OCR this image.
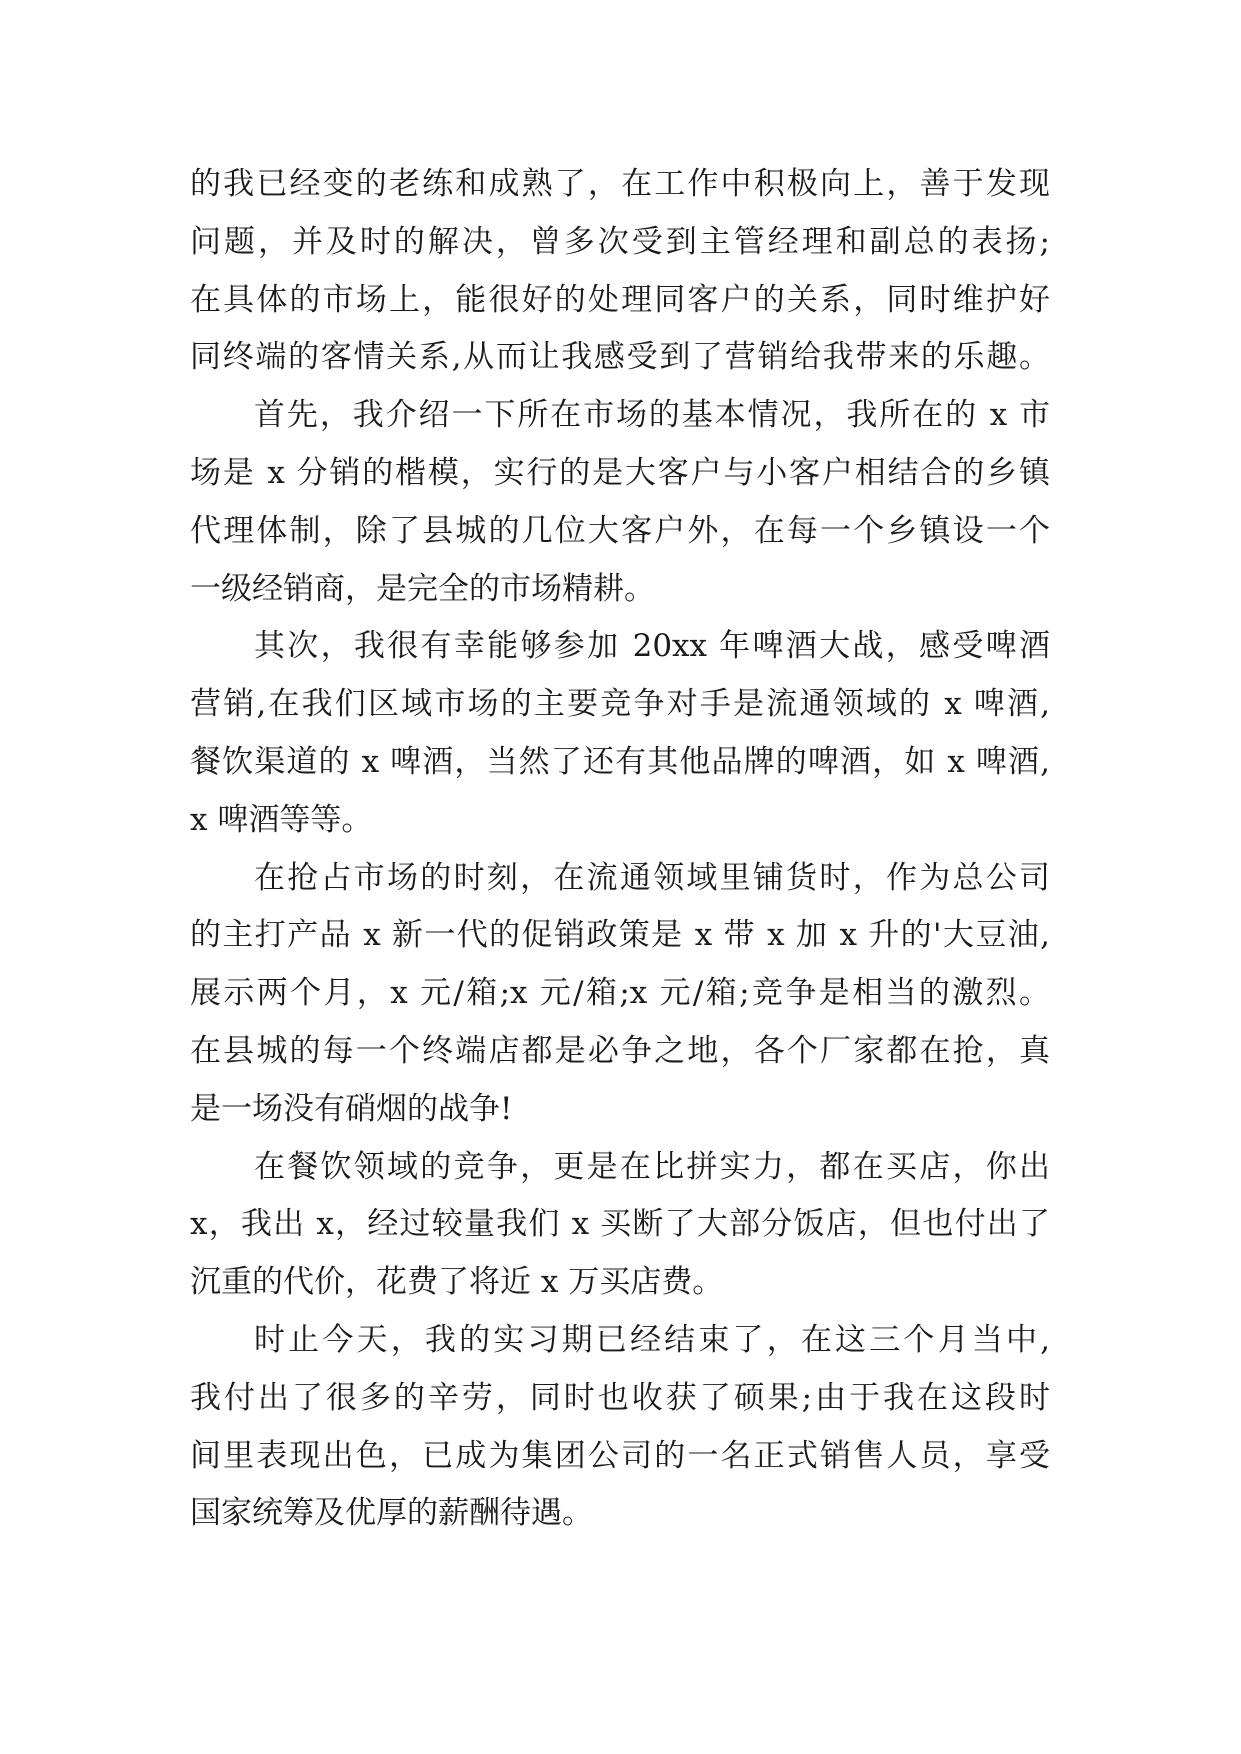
的我已经变的老练和成熟了，在工作中积极向上，善于发现
问题，并及时的解决，曾多次受到主管经理和副总的表扬;
在具体的市场上，能很好的处理同客户的关系，同时维护好
同终端的客情关系,从而让我感受到了营销给我带来的乐趣。
首先，我介绍一下所在市场的基本情况，我所在的 x 市
场是 x 分销的楷模，实行的是大客户与小客户相结合的乡镇
代理体制，除了县城的几位大客户外，在每一个乡镇设一个
一级经销商，是完全的市场精耕。
其次，我很有幸能够参加 20xx 年啤酒大战，感受啤酒
营销,在我们区域市场的主要竞争对手是流通领域的 x 啤酒,
餐饮渠道的 x 啤酒，当然了还有其他品牌的啤酒，如 x 啤酒,
x 啤酒等等。
在抢占市场的时刻，在流通领域里铺货时，作为总公司
的主打产品 x 新一代的促销政策是 x 带 x 加 x 升的'大豆油,
展示两个月，x 元/箱;x 元/箱;x 元/箱;竞争是相当的激烈。
在县城的每一个终端店都是必争之地，各个厂家都在抢，真
是一场没有硝烟的战争!
在餐饮领域的竞争，更是在比拼实力，都在买店，你出
x，我出 x，经过较量我们 x 买断了大部分饭店，但也付出了
沉重的代价，花费了将近 x 万买店费。
时止今天，我的实习期已经结束了，在这三个月当中,
我付出了很多的辛劳，同时也收获了硕果;由于我在这段时
间里表现出色，已成为集团公司的一名正式销售人员，享受
国家统筹及优厚的薪酬待遇。
